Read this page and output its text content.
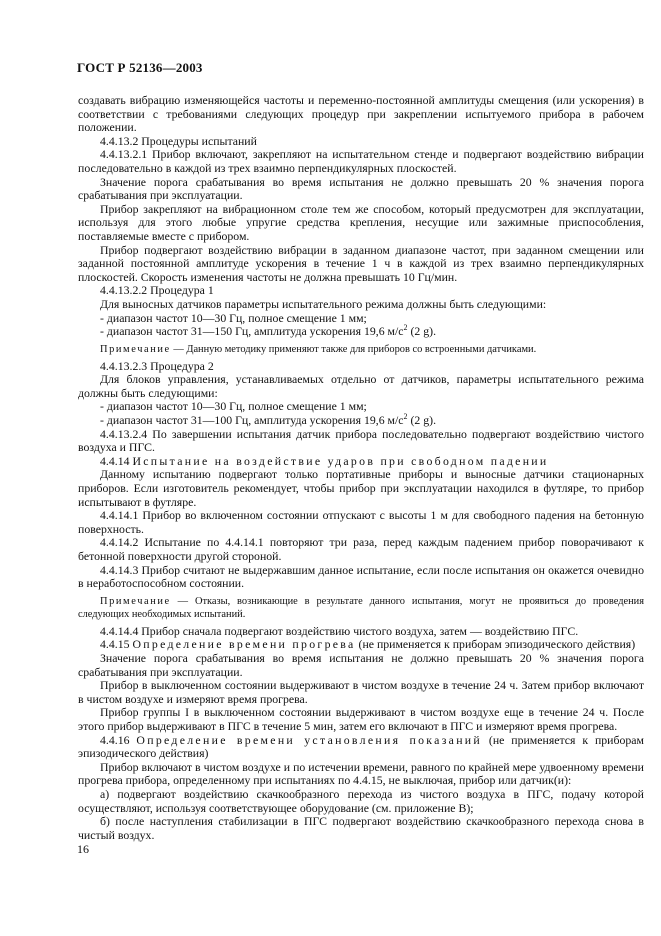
ГОСТ Р 52136—2003

создавать вибрацию изменяющейся частоты и переменно-постоянной амплитуды смещения (или ускорения) в соответствии с требованиями следующих процедур при закреплении испытуемого прибора в рабочем положении.

4.4.13.2 Процедуры испытаний

4.4.13.2.1 Прибор включают, закрепляют на испытательном стенде и подвергают воздействию вибрации последовательно в каждой из трех взаимно перпендикулярных плоскостей.

Значение порога срабатывания во время испытания не должно превышать 20 % значения порога срабатывания при эксплуатации.

Прибор закрепляют на вибрационном столе тем же способом, который предусмотрен для эксплуатации, используя для этого любые упругие средства крепления, несущие или зажимные приспособления, поставляемые вместе с прибором.

Прибор подвергают воздействию вибрации в заданном диапазоне частот, при заданном смещении или заданной постоянной амплитуде ускорения в течение 1 ч в каждой из трех взаимно перпендикулярных плоскостей. Скорость изменения частоты не должна превышать 10 Гц/мин.

4.4.13.2.2 Процедура 1

Для выносных датчиков параметры испытательного режима должны быть следующими:

- диапазон частот 10—30 Гц, полное смещение 1 мм;

- диапазон частот 31—150 Гц, амплитуда ускорения 19,6 $м/с^2$ (2 g).

Примечание — Данную методику применяют также для приборов со встроенными датчиками.

4.4.13.2.3 Процедура 2

Для блоков управления, устанавливаемых отдельно от датчиков, параметры испытательного режима должны быть следующими:

- диапазон частот 10—30 Гц, полное смещение 1 мм;

- диапазон частот 31—100 Гц, амплитуда ускорения 19,6 $м/с^2$ (2 g).

4.4.13.2.4 По завершении испытания датчик прибора последовательно подвергают воздействию чистого воздуха и ПГС.

4.4.14 Испытание на воздействие ударов при свободном падении

Данному испытанию подвергают только портативные приборы и выносные датчики стационарных приборов. Если изготовитель рекомендует, чтобы прибор при эксплуатации находился в футляре, то прибор испытывают в футляре.

4.4.14.1 Прибор во включенном состоянии отпускают с высоты 1 м для свободного падения на бетонную поверхность.

4.4.14.2 Испытание по 4.4.14.1 повторяют три раза, перед каждым падением прибор поворачивают к бетонной поверхности другой стороной.

4.4.14.3 Прибор считают не выдержавшим данное испытание, если после испытания он окажется очевидно в неработоспособном состоянии.

Примечание — Отказы, возникающие в результате данного испытания, могут не проявиться до проведения следующих необходимых испытаний.

4.4.14.4 Прибор сначала подвергают воздействию чистого воздуха, затем — воздействию ПГС.

4.4.15 Определение времени прогрева (не применяется к приборам эпизодического действия)

Значение порога срабатывания во время испытания не должно превышать 20 % значения порога срабатывания при эксплуатации.

Прибор в выключенном состоянии выдерживают в чистом воздухе в течение 24 ч. Затем прибор включают в чистом воздухе и измеряют время прогрева.

Прибор группы I в выключенном состоянии выдерживают в чистом воздухе еще в течение 24 ч. После этого прибор выдерживают в ПГС в течение 5 мин, затем его включают в ПГС и измеряют время прогрева.

4.4.16 Определение времени установления показаний (не применяется к приборам эпизодического действия)

Прибор включают в чистом воздухе и по истечении времени, равного по крайней мере удвоенному времени прогрева прибора, определенному при испытаниях по 4.4.15, не выключая, прибор или датчик(и):

а) подвергают воздействию скачкообразного перехода из чистого воздуха в ПГС, подачу которой осуществляют, используя соответствующее оборудование (см. приложение В);

б) после наступления стабилизации в ПГС подвергают воздействию скачкообразного перехода снова в чистый воздух.

16
